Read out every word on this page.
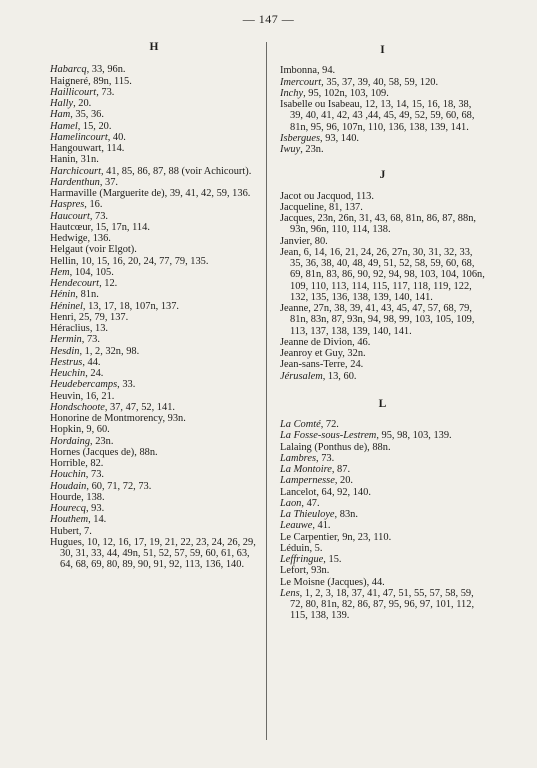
— 147 —

H

Habarcq, 33, 96n.

Haigneré, 89n, 115.

Haillicourt, 73.

Hally, 20.

Ham, 35, 36.

Hamel, 15, 20.

Hamelincourt, 40.

Hangouwart, 114.

Hanin, 31n.

Harchicourt, 41, 85, 86, 87, 88 (voir Achicourt).

Hardenthun, 37.

Harmaville (Marguerite de), 39, 41, 42, 59, 136.

Haspres, 16.

Haucourt, 73.

Hautcœur, 15, 17n, 114.

Hedwige, 136.

Helgaut (voir Elgot).

Hellin, 10, 15, 16, 20, 24, 77, 79, 135.

Hem, 104, 105.

Hendecourt, 12.

Hénin, 81n.

Héninel, 13, 17, 18, 107n, 137.

Henri, 25, 79, 137.

Héraclius, 13.

Hermin, 73.

Hesdin, 1, 2, 32n, 98.

Hestrus, 44.

Heuchin, 24.

Heudebercamps, 33.

Heuvin, 16, 21.

Hondschoote, 37, 47, 52, 141.

Honorine de Montmorency, 93n.

Hopkin, 9, 60.

Hordaing, 23n.

Hornes (Jacques de), 88n.

Horrible, 82.

Houchin, 73.

Houdain, 60, 71, 72, 73.

Hourde, 138.

Hourecq, 93.

Houthem, 14.

Hubert, 7.

Hugues, 10, 12, 16, 17, 19, 21, 22, 23, 24, 26, 29, 30, 31, 33, 44, 49n, 51, 52, 57, 59, 60, 61, 63, 64, 68, 69, 80, 89, 90, 91, 92, 113, 136, 140.

I

Imbonna, 94.

Imercourt, 35, 37, 39, 40, 58, 59, 120.

Inchy, 95, 102n, 103, 109.

Isabelle ou Isabeau, 12, 13, 14, 15, 16, 18, 38, 39, 40, 41, 42, 43 ,44, 45, 49, 52, 59, 60, 68, 81n, 95, 96, 107n, 110, 136, 138, 139, 141.

Isbergues, 93, 140.

Iwuy, 23n.

J

Jacot ou Jacquod, 113.

Jacqueline, 81, 137.

Jacques, 23n, 26n, 31, 43, 68, 81n, 86, 87, 88n, 93n, 96n, 110, 114, 138.

Janvier, 80.

Jean, 6, 14, 16, 21, 24, 26, 27n, 30, 31, 32, 33, 35, 36, 38, 40, 48, 49, 51, 52, 58, 59, 60, 68, 69, 81n, 83, 86, 90, 92, 94, 98, 103, 104, 106n, 109, 110, 113, 114, 115, 117, 118, 119, 122, 132, 135, 136, 138, 139, 140, 141.

Jeanne, 27n, 38, 39, 41, 43, 45, 47, 57, 68, 79, 81n, 83n, 87, 93n, 94, 98, 99, 103, 105, 109, 113, 137, 138, 139, 140, 141.

Jeanne de Divion, 46.

Jeanroy et Guy, 32n.

Jean-sans-Terre, 24.

Jérusalem, 13, 60.

L

La Comté, 72.

La Fosse-sous-Lestrem, 95, 98, 103, 139.

Lalaing (Ponthus de), 88n.

Lambres, 73.

La Montoire, 87.

Lampernesse, 20.

Lancelot, 64, 92, 140.

Laon, 47.

La Thieuloye, 83n.

Leauwe, 41.

Le Carpentier, 9n, 23, 110.

Léduin, 5.

Leffringue, 15.

Lefort, 93n.

Le Moisne (Jacques), 44.

Lens, 1, 2, 3, 18, 37, 41, 47, 51, 55, 57, 58, 59, 72, 80, 81n, 82, 86, 87, 95, 96, 97, 101, 112, 115, 138, 139.
